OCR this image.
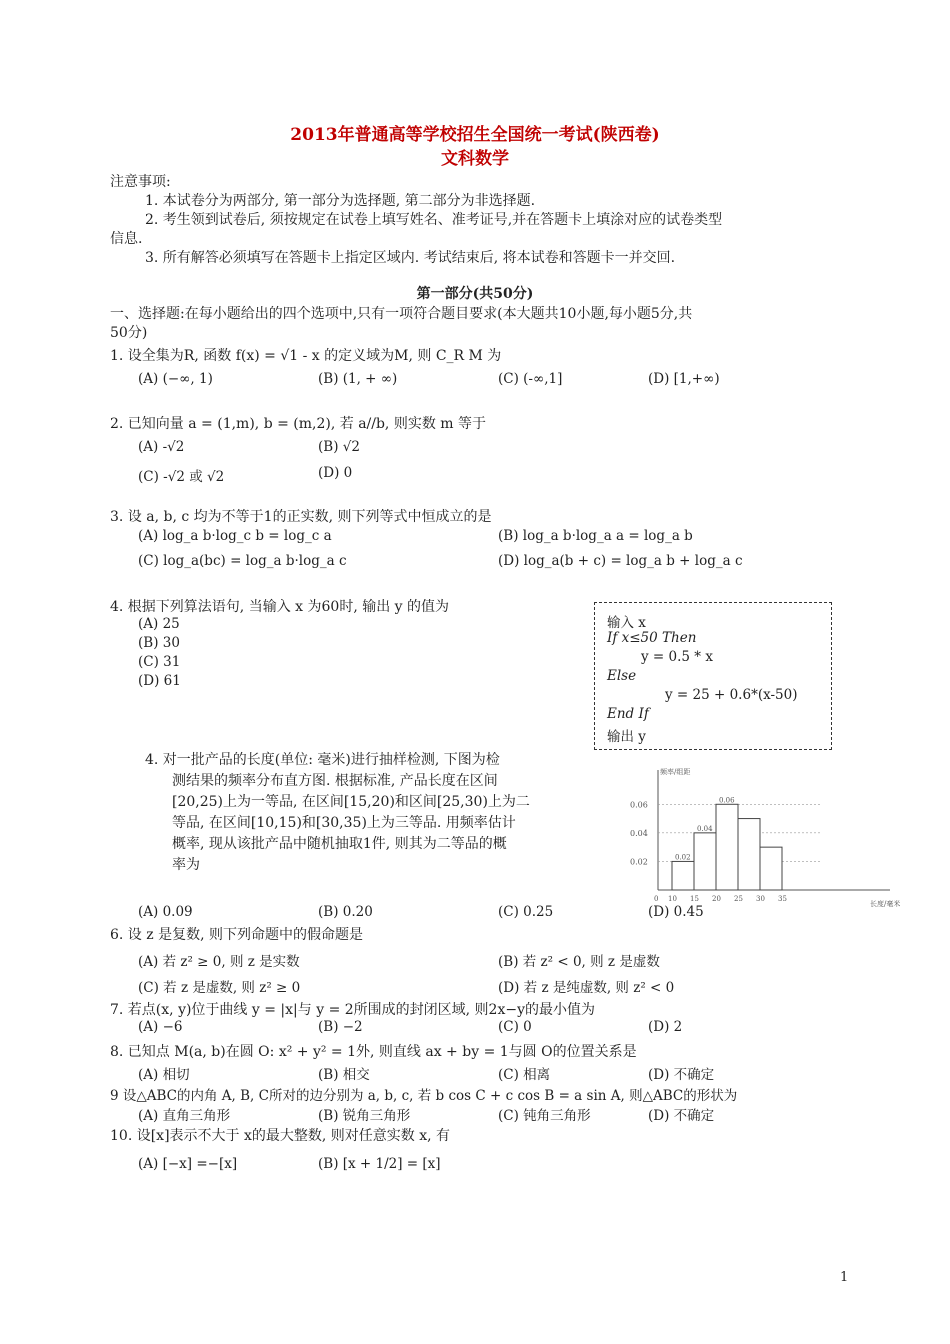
2013年普通高等学校招生全国统一考试(陕西卷)
文科数学
注意事项:
1. 本试卷分为两部分, 第一部分为选择题, 第二部分为非选择题.
2. 考生领到试卷后, 须按规定在试卷上填写姓名、准考证号,并在答题卡上填涂对应的试卷类型
信息.
3. 所有解答必须填写在答题卡上指定区域内. 考试结束后, 将本试卷和答题卡一并交回.
第一部分(共50分)
一、选择题:在每小题给出的四个选项中,只有一项符合题目要求(本大题共10小题,每小题5分,共
50分)
1. 设全集为R, 函数 f(x) = √1 - x 的定义域为M, 则 C_R M 为
(A) (−∞, 1)	(B) (1, + ∞)	(C) (-∞,1]	(D) [1,+∞)
2. 已知向量 a = (1,m), b = (m,2), 若 a//b, 则实数 m 等于
(A) -√2	(B) √2
(C) -√2 或 √2	(D) 0
3. 设 a, b, c 均为不等于1的正实数, 则下列等式中恒成立的是
(A) log_a b·log_c b = log_c a	(B) log_a b·log_a a = log_a b
(C) log_a(bc) = log_a b·log_a c	(D) log_a(b + c) = log_a b + log_a c
4. 根据下列算法语句, 当输入 x 为60时, 输出 y 的值为
(A) 25
(B) 30
(C) 31
(D) 61
输入 x
If x≤50 Then
y = 0.5 * x
Else
y = 25 + 0.6*(x-50)
End If
输出 y
4. 对一批产品的长度(单位: 毫米)进行抽样检测, 下图为检
测结果的频率分布直方图. 根据标准, 产品长度在区间
[20,25)上为一等品, 在区间[15,20)和区间[25,30)上为二
等品, 在区间[10,15)和[30,35)上为三等品. 用频率估计
概率, 现从该批产品中随机抽取1件, 则其为二等品的概
率为
频率/组距
长度/毫米
0.06
0.04
0.02	0.02
0.04
0.06
0 10 15 20 25 30 35
(A) 0.09	(B) 0.20	(C) 0.25	(D) 0.45
6. 设 z 是复数, 则下列命题中的假命题是
(A) 若 z² ≥ 0, 则 z 是实数	(B) 若 z² < 0, 则 z 是虚数
(C) 若 z 是虚数, 则 z² ≥ 0	(D) 若 z 是纯虚数, 则 z² < 0
7. 若点(x, y)位于曲线 y = |x|与 y = 2所围成的封闭区域, 则2x−y的最小值为
(A) −6	(B) −2	(C) 0	(D) 2
8. 已知点 M(a, b)在圆 O: x² + y² = 1外, 则直线 ax + by = 1与圆 O的位置关系是
(A) 相切	(B) 相交	(C) 相离	(D) 不确定
9 设△ABC的内角 A, B, C所对的边分别为 a, b, c, 若 b cos C + c cos B = a sin A, 则△ABC的形状为
(A) 直角三角形	(B) 锐角三角形	(C) 钝角三角形	(D) 不确定
10. 设[x]表示不大于 x的最大整数, 则对任意实数 x, 有
(A) [−x] =−[x]	(B) [x + 1/2] = [x]
1
